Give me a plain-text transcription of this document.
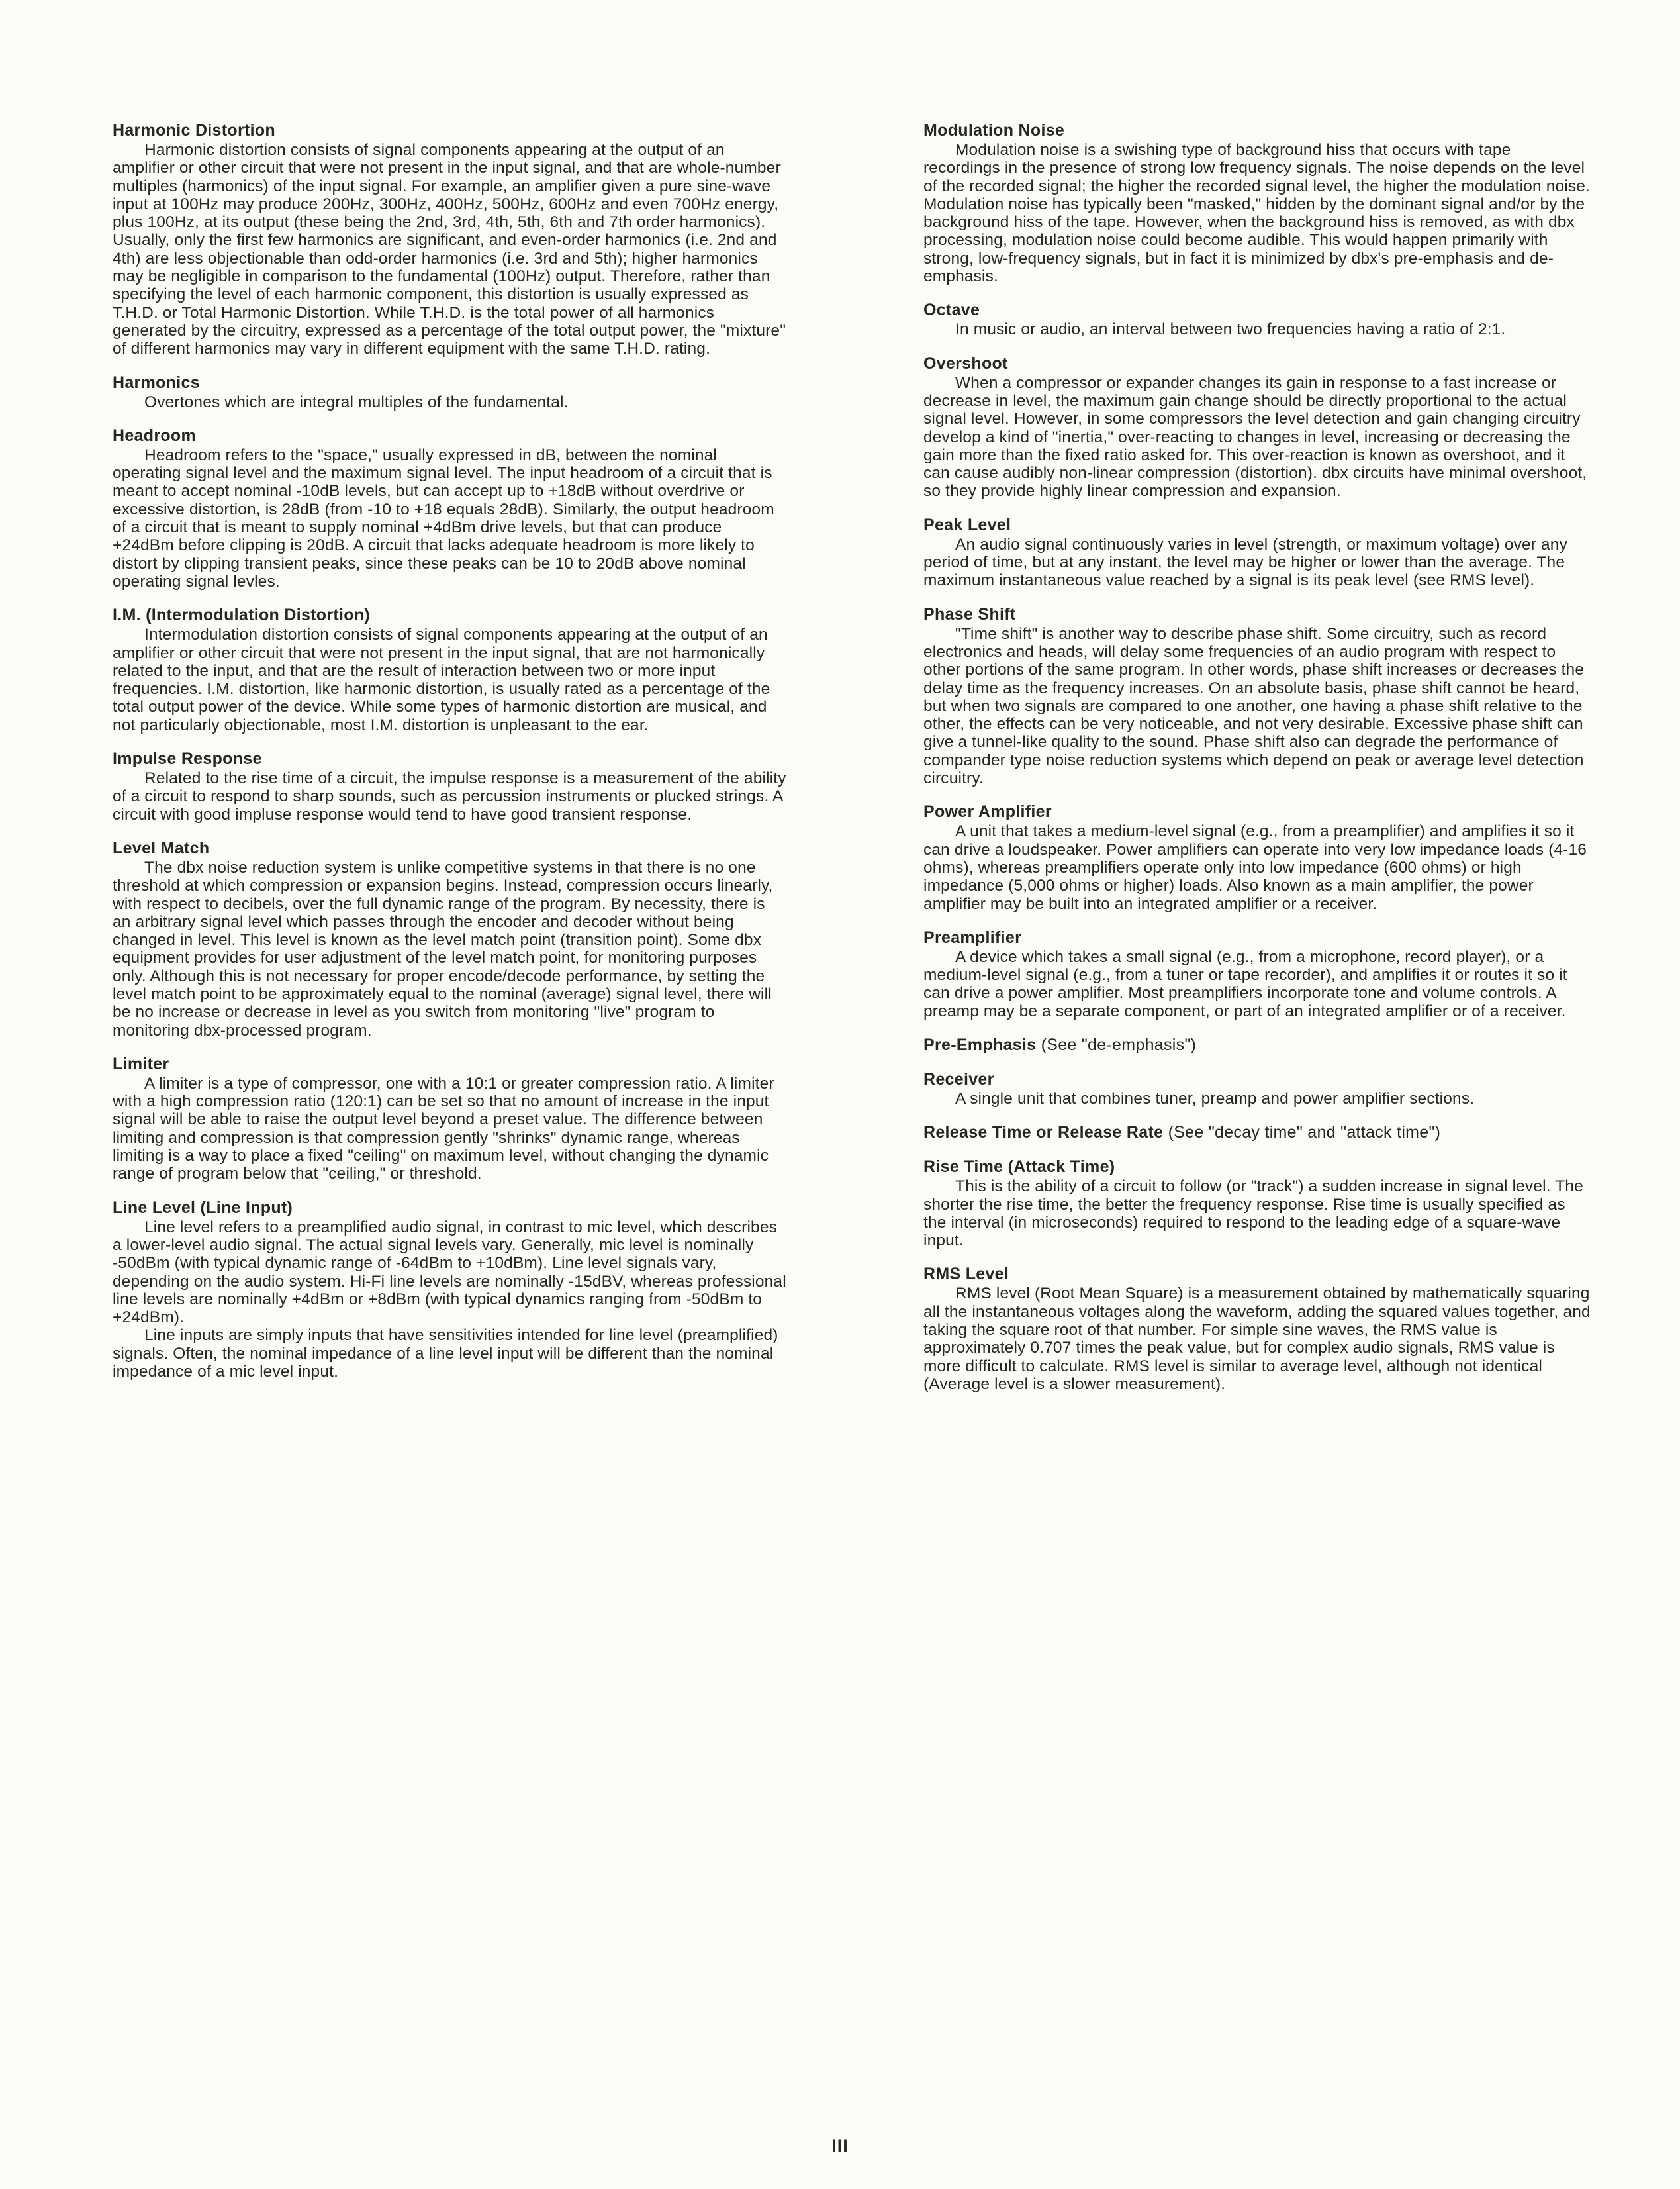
Harmonic Distortion

Harmonic distortion consists of signal components appearing at the output of an amplifier or other circuit that were not present in the input signal, and that are whole-number multiples (harmonics) of the input signal. For example, an amplifier given a pure sine-wave input at 100Hz may produce 200Hz, 300Hz, 400Hz, 500Hz, 600Hz and even 700Hz energy, plus 100Hz, at its output (these being the 2nd, 3rd, 4th, 5th, 6th and 7th order harmonics). Usually, only the first few harmonics are significant, and even-order harmonics (i.e. 2nd and 4th) are less objectionable than odd-order harmonics (i.e. 3rd and 5th); higher harmonics may be negligible in comparison to the fundamental (100Hz) output. Therefore, rather than specifying the level of each harmonic component, this distortion is usually expressed as T.H.D. or Total Harmonic Distortion. While T.H.D. is the total power of all harmonics generated by the circuitry, expressed as a percentage of the total output power, the "mixture" of different harmonics may vary in different equipment with the same T.H.D. rating.

Harmonics

Overtones which are integral multiples of the fundamental.

Headroom

Headroom refers to the "space," usually expressed in dB, between the nominal operating signal level and the maximum signal level. The input headroom of a circuit that is meant to accept nominal -10dB levels, but can accept up to +18dB without overdrive or excessive distortion, is 28dB (from -10 to +18 equals 28dB). Similarly, the output headroom of a circuit that is meant to supply nominal +4dBm drive levels, but that can produce +24dBm before clipping is 20dB. A circuit that lacks adequate headroom is more likely to distort by clipping transient peaks, since these peaks can be 10 to 20dB above nominal operating signal levles.

I.M. (Intermodulation Distortion)

Intermodulation distortion consists of signal components appearing at the output of an amplifier or other circuit that were not present in the input signal, that are not harmonically related to the input, and that are the result of interaction between two or more input frequencies. I.M. distortion, like harmonic distortion, is usually rated as a percentage of the total output power of the device. While some types of harmonic distortion are musical, and not particularly objectionable, most I.M. distortion is unpleasant to the ear.

Impulse Response

Related to the rise time of a circuit, the impulse response is a measurement of the ability of a circuit to respond to sharp sounds, such as percussion instruments or plucked strings. A circuit with good impluse response would tend to have good transient response.

Level Match

The dbx noise reduction system is unlike competitive systems in that there is no one threshold at which compression or expansion begins. Instead, compression occurs linearly, with respect to decibels, over the full dynamic range of the program. By necessity, there is an arbitrary signal level which passes through the encoder and decoder without being changed in level. This level is known as the level match point (transition point). Some dbx equipment provides for user adjustment of the level match point, for monitoring purposes only. Although this is not necessary for proper encode/decode performance, by setting the level match point to be approximately equal to the nominal (average) signal level, there will be no increase or decrease in level as you switch from monitoring "live" program to monitoring dbx-processed program.

Limiter

A limiter is a type of compressor, one with a 10:1 or greater compression ratio. A limiter with a high compression ratio (120:1) can be set so that no amount of increase in the input signal will be able to raise the output level beyond a preset value. The difference between limiting and compression is that compression gently "shrinks" dynamic range, whereas limiting is a way to place a fixed "ceiling" on maximum level, without changing the dynamic range of program below that "ceiling," or threshold.

Line Level (Line Input)

Line level refers to a preamplified audio signal, in contrast to mic level, which describes a lower-level audio signal. The actual signal levels vary. Generally, mic level is nominally -50dBm (with typical dynamic range of -64dBm to +10dBm). Line level signals vary, depending on the audio system. Hi-Fi line levels are nominally -15dBV, whereas professional line levels are nominally +4dBm or +8dBm (with typical dynamics ranging from -50dBm to +24dBm).

Line inputs are simply inputs that have sensitivities intended for line level (preamplified) signals. Often, the nominal impedance of a line level input will be different than the nominal impedance of a mic level input.

Modulation Noise

Modulation noise is a swishing type of background hiss that occurs with tape recordings in the presence of strong low frequency signals. The noise depends on the level of the recorded signal; the higher the recorded signal level, the higher the modulation noise. Modulation noise has typically been "masked," hidden by the dominant signal and/or by the background hiss of the tape. However, when the background hiss is removed, as with dbx processing, modulation noise could become audible. This would happen primarily with strong, low-frequency signals, but in fact it is minimized by dbx's pre-emphasis and de-emphasis.

Octave

In music or audio, an interval between two frequencies having a ratio of 2:1.

Overshoot

When a compressor or expander changes its gain in response to a fast increase or decrease in level, the maximum gain change should be directly proportional to the actual signal level. However, in some compressors the level detection and gain changing circuitry develop a kind of "inertia," over-reacting to changes in level, increasing or decreasing the gain more than the fixed ratio asked for. This over-reaction is known as overshoot, and it can cause audibly non-linear compression (distortion). dbx circuits have minimal overshoot, so they provide highly linear compression and expansion.

Peak Level

An audio signal continuously varies in level (strength, or maximum voltage) over any period of time, but at any instant, the level may be higher or lower than the average. The maximum instantaneous value reached by a signal is its peak level (see RMS level).

Phase Shift

"Time shift" is another way to describe phase shift. Some circuitry, such as record electronics and heads, will delay some frequencies of an audio program with respect to other portions of the same program. In other words, phase shift increases or decreases the delay time as the frequency increases. On an absolute basis, phase shift cannot be heard, but when two signals are compared to one another, one having a phase shift relative to the other, the effects can be very noticeable, and not very desirable. Excessive phase shift can give a tunnel-like quality to the sound. Phase shift also can degrade the performance of compander type noise reduction systems which depend on peak or average level detection circuitry.

Power Amplifier

A unit that takes a medium-level signal (e.g., from a preamplifier) and amplifies it so it can drive a loudspeaker. Power amplifiers can operate into very low impedance loads (4-16 ohms), whereas preamplifiers operate only into low impedance (600 ohms) or high impedance (5,000 ohms or higher) loads. Also known as a main amplifier, the power amplifier may be built into an integrated amplifier or a receiver.

Preamplifier

A device which takes a small signal (e.g., from a microphone, record player), or a medium-level signal (e.g., from a tuner or tape recorder), and amplifies it or routes it so it can drive a power amplifier. Most preamplifiers incorporate tone and volume controls. A preamp may be a separate component, or part of an integrated amplifier or of a receiver.

Pre-Emphasis (See "de-emphasis")
Receiver

A single unit that combines tuner, preamp and power amplifier sections.

Release Time or Release Rate (See "decay time" and "attack time")
Rise Time (Attack Time)

This is the ability of a circuit to follow (or "track") a sudden increase in signal level. The shorter the rise time, the better the frequency response. Rise time is usually specified as the interval (in microseconds) required to respond to the leading edge of a square-wave input.

RMS Level

RMS level (Root Mean Square) is a measurement obtained by mathematically squaring all the instantaneous voltages along the waveform, adding the squared values together, and taking the square root of that number. For simple sine waves, the RMS value is approximately 0.707 times the peak value, but for complex audio signals, RMS value is more difficult to calculate. RMS level is similar to average level, although not identical (Average level is a slower measurement).

III
